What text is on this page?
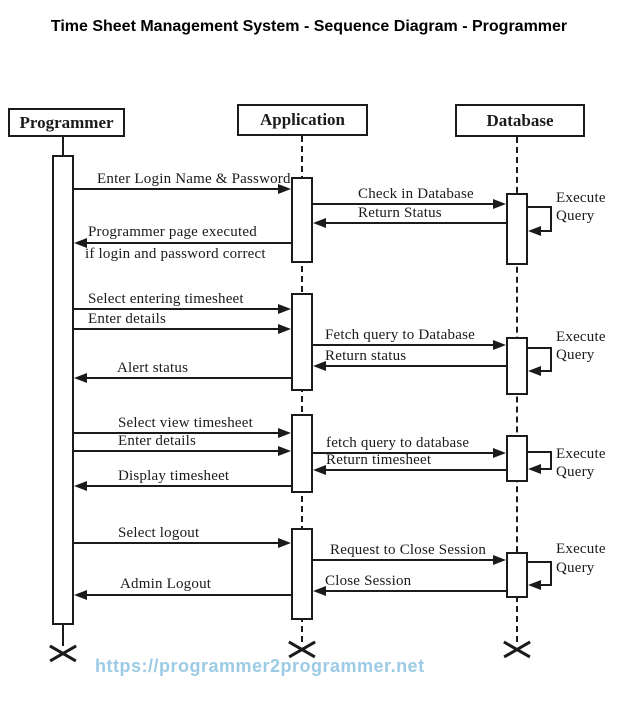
Time Sheet Management System - Sequence Diagram - Programmer
Programmer	Application	Database
Enter Login Name & Password
Check in Database
Return Status
Programmer page executed
if login and password correct
Select entering timesheet
Enter details
Fetch query to Database
Return status
Alert status
Select view timesheet
Enter details	fetch query to database
Return timesheet
Display timesheet
Select logout
Request to Close Session
Close Session
Admin Logout
Execute
Query
Execute
Query
Execute
Query
Execute
Query
https://programmer2programmer.net
